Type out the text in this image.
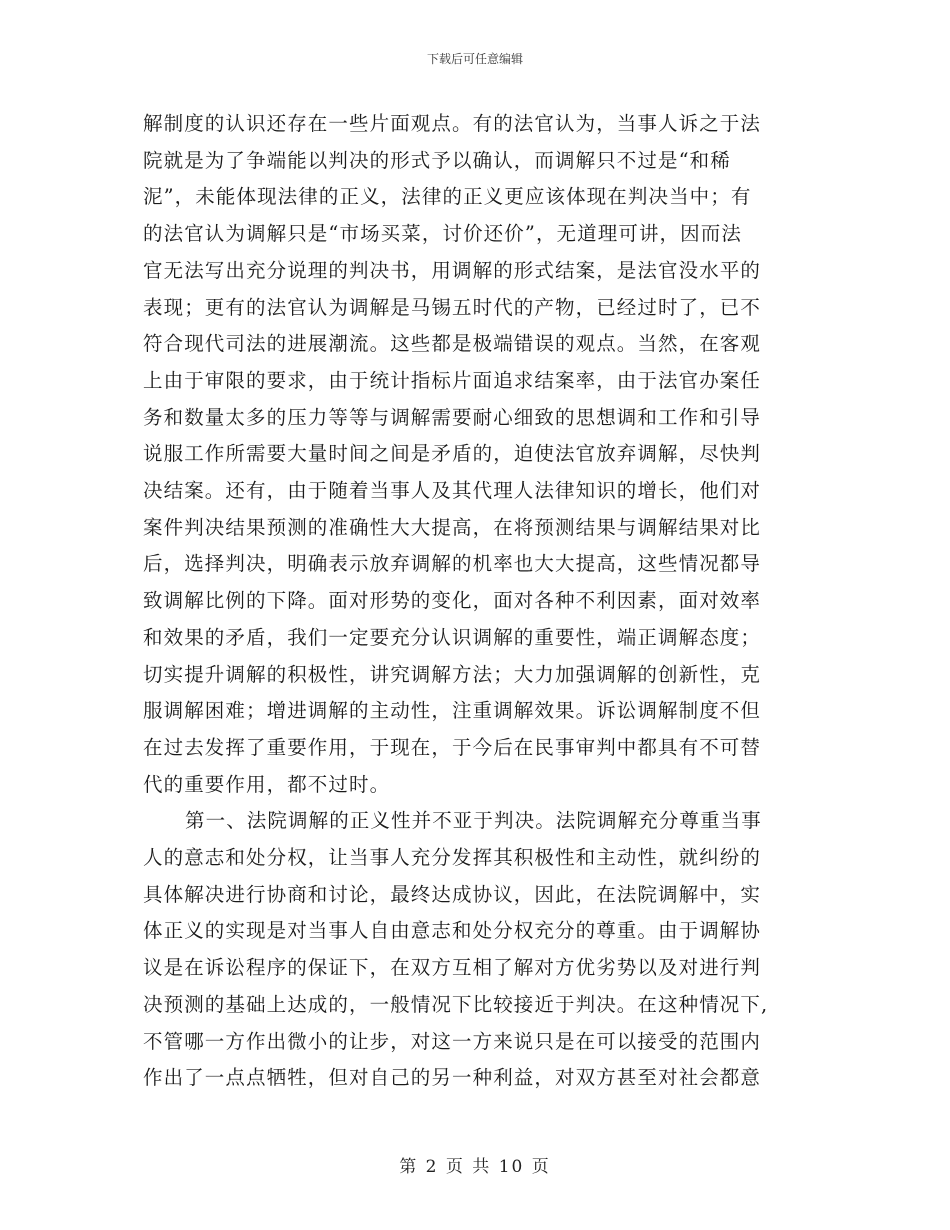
下载后可任意编辑
解制度的认识还存在一些片面观点。有的法官认为，当事人诉之于法
院就是为了争端能以判决的形式予以确认，而调解只不过是“和稀
泥”，未能体现法律的正义，法律的正义更应该体现在判决当中；有
的法官认为调解只是“市场买菜，讨价还价”，无道理可讲，因而法
官无法写出充分说理的判决书，用调解的形式结案，是法官没水平的
表现；更有的法官认为调解是马锡五时代的产物，已经过时了，已不
符合现代司法的进展潮流。这些都是极端错误的观点。当然，在客观
上由于审限的要求，由于统计指标片面追求结案率，由于法官办案任
务和数量太多的压力等等与调解需要耐心细致的思想调和工作和引导
说服工作所需要大量时间之间是矛盾的，迫使法官放弃调解，尽快判
决结案。还有，由于随着当事人及其代理人法律知识的增长，他们对
案件判决结果预测的准确性大大提高，在将预测结果与调解结果对比
后，选择判决，明确表示放弃调解的机率也大大提高，这些情况都导
致调解比例的下降。面对形势的变化，面对各种不利因素，面对效率
和效果的矛盾，我们一定要充分认识调解的重要性，端正调解态度；
切实提升调解的积极性，讲究调解方法；大力加强调解的创新性，克
服调解困难；增进调解的主动性，注重调解效果。诉讼调解制度不但
在过去发挥了重要作用，于现在，于今后在民事审判中都具有不可替
代的重要作用，都不过时。
第一、法院调解的正义性并不亚于判决。法院调解充分尊重当事
人的意志和处分权，让当事人充分发挥其积极性和主动性，就纠纷的
具体解决进行协商和讨论，最终达成协议，因此，在法院调解中，实
体正义的实现是对当事人自由意志和处分权充分的尊重。由于调解协
议是在诉讼程序的保证下，在双方互相了解对方优劣势以及对进行判
决预测的基础上达成的，一般情况下比较接近于判决。在这种情况下,
不管哪一方作出微小的让步，对这一方来说只是在可以接受的范围内
作出了一点点牺牲，但对自己的另一种利益，对双方甚至对社会都意
第 2 页 共 10 页
